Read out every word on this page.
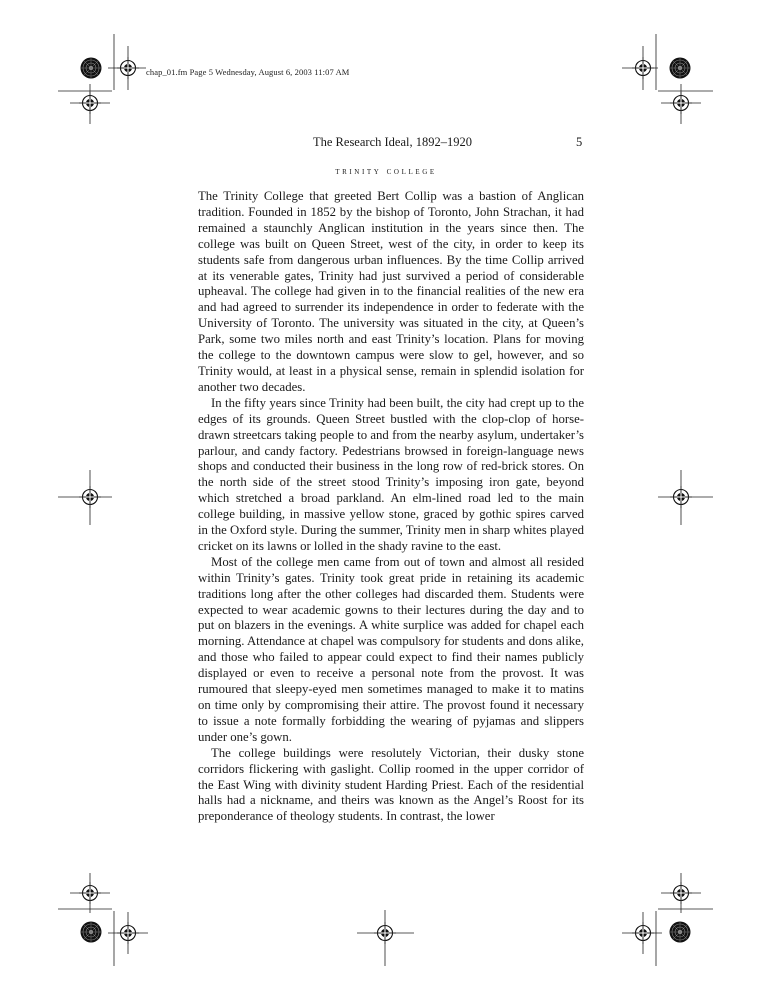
chap_01.fm Page 5 Wednesday, August 6, 2003 11:07 AM
The Research Ideal, 1892–1920	5
trinity college

The Trinity College that greeted Bert Collip was a bastion of Anglican tradition. Founded in 1852 by the bishop of Toronto, John Strachan, it had remained a staunchly Anglican institution in the years since then. The college was built on Queen Street, west of the city, in order to keep its students safe from dangerous urban influences. By the time Collip arrived at its venerable gates, Trinity had just survived a period of considerable upheaval. The college had given in to the financial realities of the new era and had agreed to surrender its independence in order to federate with the University of Toronto. The university was situated in the city, at Queen’s Park, some two miles north and east Trinity’s location. Plans for moving the college to the downtown campus were slow to gel, however, and so Trinity would, at least in a physical sense, remain in splendid isolation for another two decades.

In the fifty years since Trinity had been built, the city had crept up to the edges of its grounds. Queen Street bustled with the clop-clop of horse-drawn streetcars taking people to and from the nearby asylum, undertaker’s parlour, and candy factory. Pedestrians browsed in foreign-language news shops and conducted their business in the long row of red-brick stores. On the north side of the street stood Trinity’s imposing iron gate, beyond which stretched a broad parkland. An elm-lined road led to the main college building, in massive yellow stone, graced by gothic spires carved in the Oxford style. During the summer, Trinity men in sharp whites played cricket on its lawns or lolled in the shady ravine to the east.

Most of the college men came from out of town and almost all resided within Trinity’s gates. Trinity took great pride in retaining its academic traditions long after the other colleges had discarded them. Students were expected to wear academic gowns to their lectures during the day and to put on blazers in the evenings. A white surplice was added for chapel each morning. Attendance at chapel was compulsory for students and dons alike, and those who failed to appear could expect to find their names publicly displayed or even to receive a personal note from the provost. It was rumoured that sleepy-eyed men sometimes managed to make it to matins on time only by compromising their attire. The provost found it necessary to issue a note formally forbidding the wearing of pyjamas and slippers under one’s gown.

The college buildings were resolutely Victorian, their dusky stone corridors flickering with gaslight. Collip roomed in the upper corridor of the East Wing with divinity student Harding Priest. Each of the residential halls had a nickname, and theirs was known as the Angel’s Roost for its preponderance of theology students. In contrast, the lower
